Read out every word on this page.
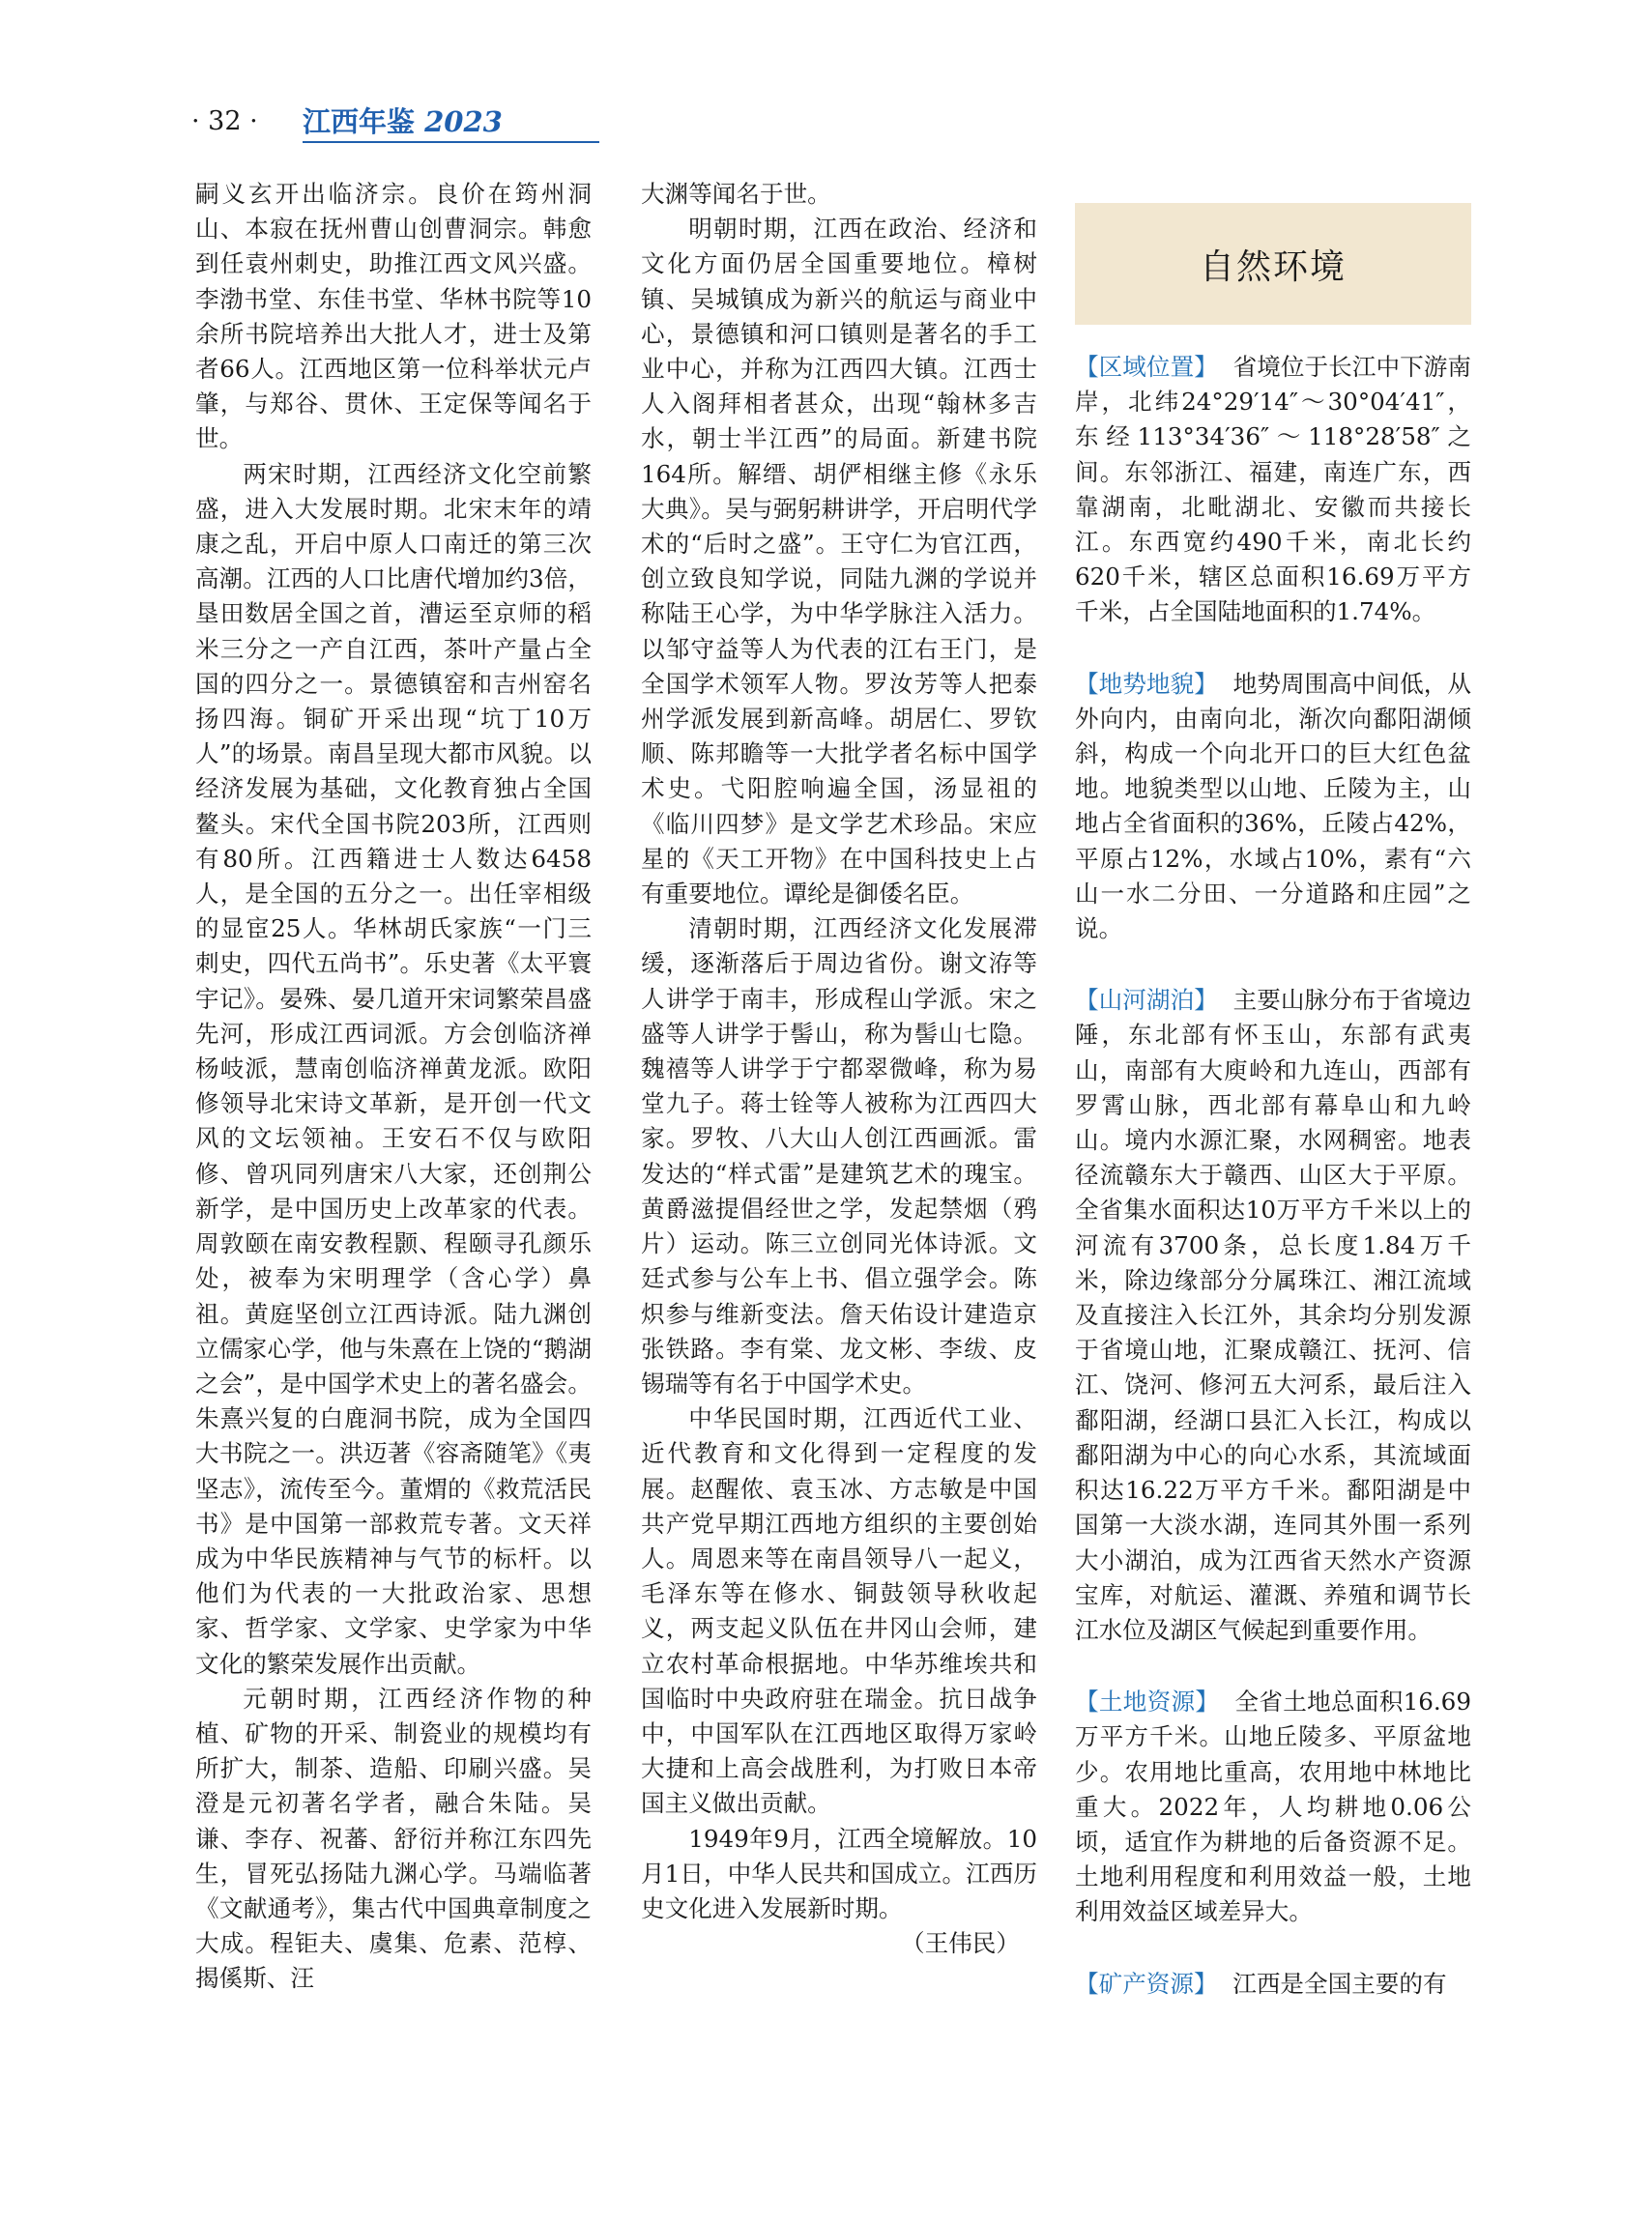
· 32 · 江西年鉴 2023

嗣义玄开出临济宗。良价在筠州洞山、本寂在抚州曹山创曹洞宗。韩愈到任袁州刺史，助推江西文风兴盛。李渤书堂、东佳书堂、华林书院等10余所书院培养出大批人才，进士及第者66人。江西地区第一位科举状元卢肇，与郑谷、贯休、王定保等闻名于世。

两宋时期，江西经济文化空前繁盛，进入大发展时期。北宋末年的靖康之乱，开启中原人口南迁的第三次高潮。江西的人口比唐代增加约3倍，垦田数居全国之首，漕运至京师的稻米三分之一产自江西，茶叶产量占全国的四分之一。景德镇窑和吉州窑名扬四海。铜矿开采出现“坑丁10万人”的场景。南昌呈现大都市风貌。以经济发展为基础，文化教育独占全国鳌头。宋代全国书院203所，江西则有80所。江西籍进士人数达6458人，是全国的五分之一。出任宰相级的显宦25人。华林胡氏家族“一门三刺史，四代五尚书”。乐史著《太平寰宇记》。晏殊、晏几道开宋词繁荣昌盛先河，形成江西词派。方会创临济禅杨岐派，慧南创临济禅黄龙派。欧阳修领导北宋诗文革新，是开创一代文风的文坛领袖。王安石不仅与欧阳修、曾巩同列唐宋八大家，还创荆公新学，是中国历史上改革家的代表。周敦颐在南安教程颢、程颐寻孔颜乐处，被奉为宋明理学（含心学）鼻祖。黄庭坚创立江西诗派。陆九渊创立儒家心学，他与朱熹在上饶的“鹅湖之会”，是中国学术史上的著名盛会。朱熹兴复的白鹿洞书院，成为全国四大书院之一。洪迈著《容斋随笔》《夷坚志》，流传至今。董煟的《救荒活民书》是中国第一部救荒专著。文天祥成为中华民族精神与气节的标杆。以他们为代表的一大批政治家、思想家、哲学家、文学家、史学家为中华文化的繁荣发展作出贡献。

元朝时期，江西经济作物的种植、矿物的开采、制瓷业的规模均有所扩大，制茶、造船、印刷兴盛。吴澄是元初著名学者，融合朱陆。吴谦、李存、祝蕃、舒衍并称江东四先生，冒死弘扬陆九渊心学。马端临著《文献通考》，集古代中国典章制度之大成。程钜夫、虞集、危素、范椁、揭傒斯、汪

大渊等闻名于世。

明朝时期，江西在政治、经济和文化方面仍居全国重要地位。樟树镇、吴城镇成为新兴的航运与商业中心，景德镇和河口镇则是著名的手工业中心，并称为江西四大镇。江西士人入阁拜相者甚众，出现“翰林多吉水，朝士半江西”的局面。新建书院164所。解缙、胡俨相继主修《永乐大典》。吴与弼躬耕讲学，开启明代学术的“后时之盛”。王守仁为官江西，创立致良知学说，同陆九渊的学说并称陆王心学，为中华学脉注入活力。以邹守益等人为代表的江右王门，是全国学术领军人物。罗汝芳等人把泰州学派发展到新高峰。胡居仁、罗钦顺、陈邦瞻等一大批学者名标中国学术史。弋阳腔响遍全国，汤显祖的《临川四梦》是文学艺术珍品。宋应星的《天工开物》在中国科技史上占有重要地位。谭纶是御倭名臣。

清朝时期，江西经济文化发展滞缓，逐渐落后于周边省份。谢文洊等人讲学于南丰，形成程山学派。宋之盛等人讲学于髻山，称为髻山七隐。魏禧等人讲学于宁都翠微峰，称为易堂九子。蒋士铨等人被称为江西四大家。罗牧、八大山人创江西画派。雷发达的“样式雷”是建筑艺术的瑰宝。黄爵滋提倡经世之学，发起禁烟（鸦片）运动。陈三立创同光体诗派。文廷式参与公车上书、倡立强学会。陈炽参与维新变法。詹天佑设计建造京张铁路。李有棠、龙文彬、李绂、皮锡瑞等有名于中国学术史。

中华民国时期，江西近代工业、近代教育和文化得到一定程度的发展。赵醒侬、袁玉冰、方志敏是中国共产党早期江西地方组织的主要创始人。周恩来等在南昌领导八一起义，毛泽东等在修水、铜鼓领导秋收起义，两支起义队伍在井冈山会师，建立农村革命根据地。中华苏维埃共和国临时中央政府驻在瑞金。抗日战争中，中国军队在江西地区取得万家岭大捷和上高会战胜利，为打败日本帝国主义做出贡献。

1949年9月，江西全境解放。10月1日，中华人民共和国成立。江西历史文化进入发展新时期。

（王伟民）

自然环境

【区域位置】 省境位于长江中下游南岸，北纬24°29′14″～30°04′41″，东经113°34′36″～118°28′58″之间。东邻浙江、福建，南连广东，西靠湖南，北毗湖北、安徽而共接长江。东西宽约490千米，南北长约620千米，辖区总面积16.69万平方千米，占全国陆地面积的1.74%。

【地势地貌】 地势周围高中间低，从外向内，由南向北，渐次向鄱阳湖倾斜，构成一个向北开口的巨大红色盆地。地貌类型以山地、丘陵为主，山地占全省面积的36%，丘陵占42%，平原占12%，水域占10%，素有“六山一水二分田、一分道路和庄园”之说。

【山河湖泊】 主要山脉分布于省境边陲，东北部有怀玉山，东部有武夷山，南部有大庾岭和九连山，西部有罗霄山脉，西北部有幕阜山和九岭山。境内水源汇聚，水网稠密。地表径流赣东大于赣西、山区大于平原。全省集水面积达10万平方千米以上的河流有3700条，总长度1.84万千米，除边缘部分分属珠江、湘江流域及直接注入长江外，其余均分别发源于省境山地，汇聚成赣江、抚河、信江、饶河、修河五大河系，最后注入鄱阳湖，经湖口县汇入长江，构成以鄱阳湖为中心的向心水系，其流域面积达16.22万平方千米。鄱阳湖是中国第一大淡水湖，连同其外围一系列大小湖泊，成为江西省天然水产资源宝库，对航运、灌溉、养殖和调节长江水位及湖区气候起到重要作用。

【土地资源】 全省土地总面积16.69万平方千米。山地丘陵多、平原盆地少。农用地比重高，农用地中林地比重大。2022年，人均耕地0.06公顷，适宜作为耕地的后备资源不足。土地利用程度和利用效益一般，土地利用效益区域差异大。

【矿产资源】 江西是全国主要的有
